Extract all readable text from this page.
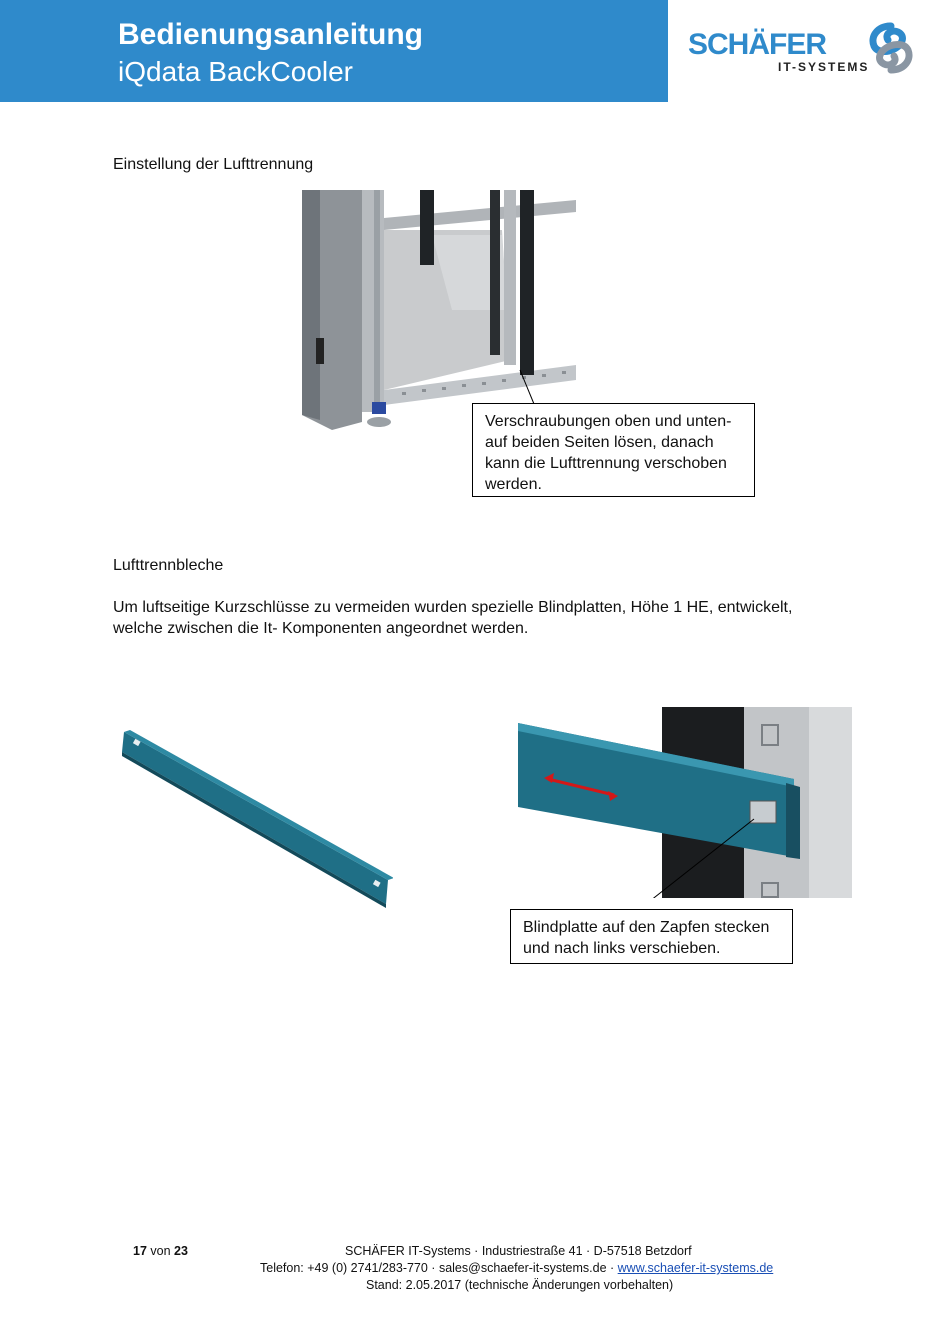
Bedienungsanleitung
iQdata BackCooler
SCHÄFER
IT-SYSTEMS
Einstellung der Lufttrennung
Verschraubungen oben und unten- auf beiden Seiten lösen, danach kann die Lufttrennung verschoben werden.
Lufttrennbleche
Um luftseitige Kurzschlüsse zu vermeiden wurden spezielle Blindplatten, Höhe 1 HE, entwickelt, welche zwischen die It- Komponenten angeordnet werden.
Blindplatte auf den Zapfen stecken und nach links verschieben.
17 von 23	SCHÄFER IT-Systems · Industriestraße 41 · D-57518 Betzdorf
Telefon: +49 (0) 2741/283-770 · sales@schaefer-it-systems.de · www.schaefer-it-systems.de
Stand: 2.05.2017 (technische Änderungen vorbehalten)
